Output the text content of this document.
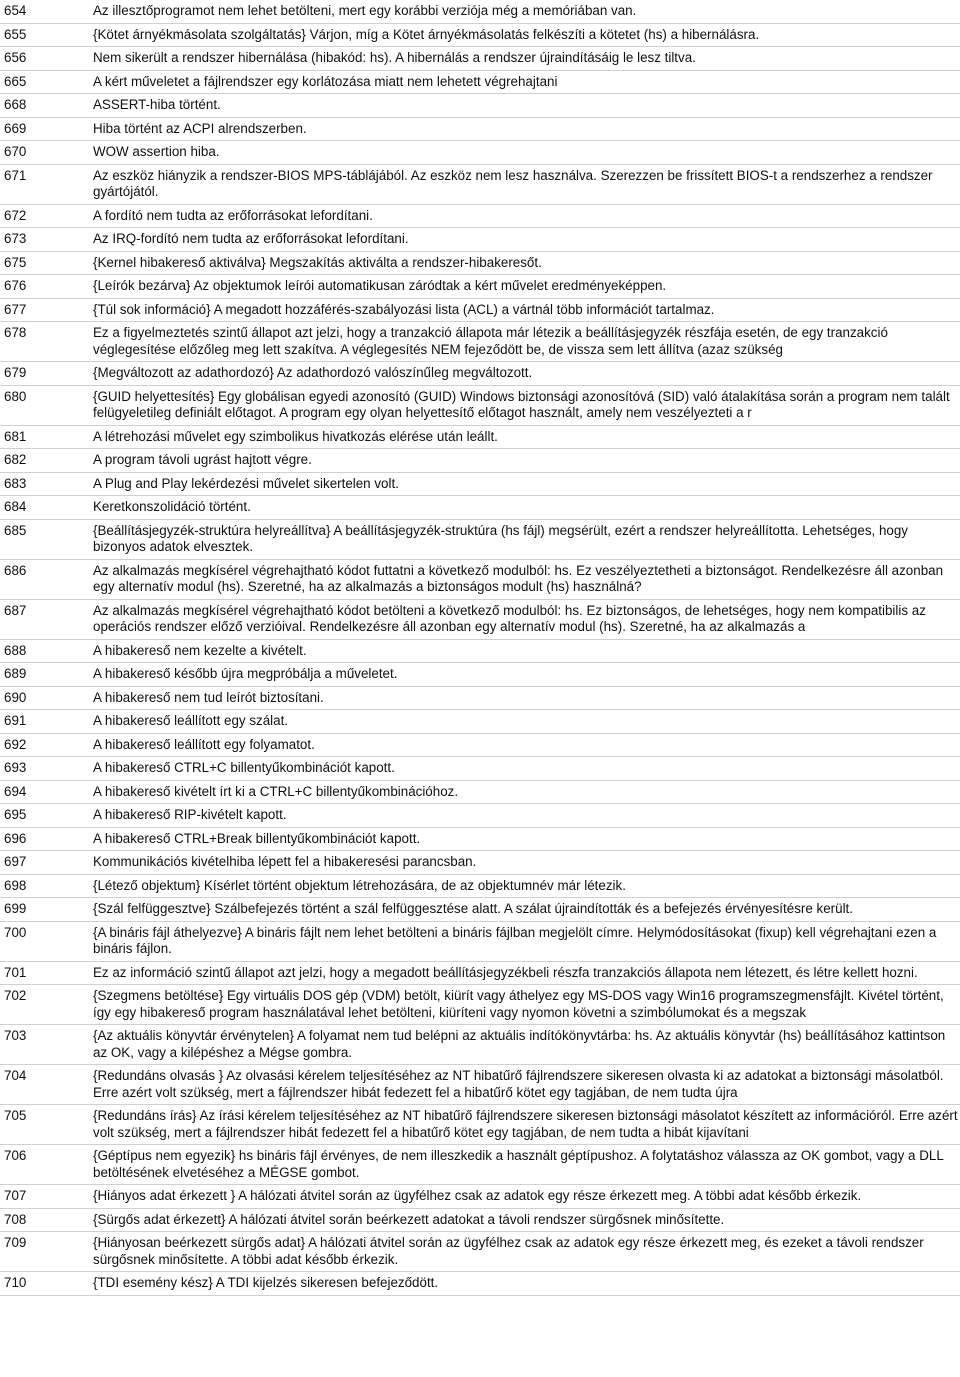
654	Az illesztőprogramot nem lehet betölteni, mert egy korábbi verziója még a memóriában van.
655	{Kötet árnyékmásolata szolgáltatás} Várjon, míg a Kötet árnyékmásolatás felkészíti a kötetet (hs) a hibernálásra.
656	Nem sikerült a rendszer hibernálása (hibakód: hs). A hibernálás a rendszer újraindításáig le lesz tiltva.
665	A kért műveletet a fájlrendszer egy korlátozása miatt nem lehetett végrehajtani
668	ASSERT-hiba történt.
669	Hiba történt az ACPI alrendszerben.
670	WOW assertion hiba.
671	Az eszköz hiányzik a rendszer-BIOS MPS-táblájából. Az eszköz nem lesz használva. Szerezzen be frissített BIOS-t a rendszerhez a rendszer gyártójától.
672	A fordító nem tudta az erőforrásokat lefordítani.
673	Az IRQ-fordító nem tudta az erőforrásokat lefordítani.
675	{Kernel hibakereső aktiválva} Megszakítás aktiválta a rendszer-hibakeresőt.
676	{Leírók bezárva} Az objektumok leírói automatikusan záródtak a kért művelet eredményeképpen.
677	{Túl sok információ} A megadott hozzáférés-szabályozási lista (ACL) a vártnál több információt tartalmaz.
678	Ez a figyelmeztetés szintű állapot azt jelzi, hogy a tranzakció állapota már létezik a beállításjegyzék részfája esetén, de egy tranzakció véglegesítése előzőleg meg lett szakítva. A véglegesítés NEM fejeződött be, de vissza sem lett állítva (azaz szükség
679	{Megváltozott az adathordozó} Az adathordozó valószínűleg megváltozott.
680	{GUID helyettesítés} Egy globálisan egyedi azonosító (GUID) Windows biztonsági azonosítóvá (SID) való átalakítása során a program nem talált felügyeletileg definiált előtagot. A program egy olyan helyettesítő előtagot használt, amely nem veszélyezteti a r
681	A létrehozási művelet egy szimbolikus hivatkozás elérése után leállt.
682	A program távoli ugrást hajtott végre.
683	A Plug and Play lekérdezési művelet sikertelen volt.
684	Keretkonszolidáció történt.
685	{Beállításjegyzék-struktúra helyreállítva} A beállításjegyzék-struktúra (hs fájl) megsérült, ezért a rendszer helyreállította. Lehetséges, hogy bizonyos adatok elvesztek.
686	Az alkalmazás megkísérel végrehajtható kódot futtatni a következő modulból: hs. Ez veszélyeztetheti a biztonságot. Rendelkezésre áll azonban egy alternatív modul (hs). Szeretné, ha az alkalmazás a biztonságos modult (hs) használná?
687	Az alkalmazás megkísérel végrehajtható kódot betölteni a következő modulból: hs. Ez biztonságos, de lehetséges, hogy nem kompatibilis az operációs rendszer előző verzióival. Rendelkezésre áll azonban egy alternatív modul (hs). Szeretné, ha az alkalmazás a
688	A hibakereső nem kezelte a kivételt.
689	A hibakereső később újra megpróbálja a műveletet.
690	A hibakereső nem tud leírót biztosítani.
691	A hibakereső leállított egy szálat.
692	A hibakereső leállított egy folyamatot.
693	A hibakereső CTRL+C billentyűkombinációt kapott.
694	A hibakereső kivételt írt ki a CTRL+C billentyűkombinációhoz.
695	A hibakereső RIP-kivételt kapott.
696	A hibakereső CTRL+Break billentyűkombinációt kapott.
697	Kommunikációs kivételhiba lépett fel a hibakeresési parancsban.
698	{Létező objektum} Kísérlet történt objektum létrehozására, de az objektumnév már létezik.
699	{Szál felfüggesztve} Szálbefejezés történt a szál felfüggesztése alatt. A szálat újraindították és a befejezés érvényesítésre került.
700	{A bináris fájl áthelyezve} A bináris fájlt nem lehet betölteni a bináris fájlban megjelölt címre. Helymódosításokat (fixup) kell végrehajtani ezen a bináris fájlon.
701	Ez az információ szintű állapot azt jelzi, hogy a megadott beállításjegyzékbeli részfa tranzakciós állapota nem létezett, és létre kellett hozni.
702	{Szegmens betöltése} Egy virtuális DOS gép (VDM) betölt, kiürít vagy áthelyez egy MS-DOS vagy Win16 programszegmensfájlt. Kivétel történt, így egy hibakereső program használatával lehet betölteni, kiüríteni vagy nyomon követni a szimbólumokat és a megszak
703	{Az aktuális könyvtár érvénytelen} A folyamat nem tud belépni az aktuális indítókönyvtárba: hs. Az aktuális könyvtár (hs) beállításához kattintson az OK, vagy a kilépéshez a Mégse gombra.
704	{Redundáns olvasás } Az olvasási kérelem teljesítéséhez az NT hibatűrő fájlrendszere sikeresen olvasta ki az adatokat a biztonsági másolatból. Erre azért volt szükség, mert a fájlrendszer hibát fedezett fel a hibatűrő kötet egy tagjában, de nem tudta újra
705	{Redundáns írás} Az írási kérelem teljesítéséhez az NT hibatűrő fájlrendszere sikeresen biztonsági másolatot készített az információról. Erre azért volt szükség, mert a fájlrendszer hibát fedezett fel a hibatűrő kötet egy tagjában, de nem tudta a hibát kijavítani
706	{Géptípus nem egyezik} hs bináris fájl érvényes, de nem illeszkedik a használt géptípushoz. A folytatáshoz válassza az OK gombot, vagy a DLL betöltésének elvetéséhez a MÉGSE gombot.
707	{Hiányos adat érkezett } A hálózati átvitel során az ügyfélhez csak az adatok egy része érkezett meg. A többi adat később érkezik.
708	{Sürgős adat érkezett} A hálózati átvitel során beérkezett adatokat a távoli rendszer sürgősnek minősítette.
709	{Hiányosan beérkezett sürgős adat} A hálózati átvitel során az ügyfélhez csak az adatok egy része érkezett meg, és ezeket a távoli rendszer sürgősnek minősítette. A többi adat később érkezik.
710	{TDI esemény kész} A TDI kijelzés sikeresen befejeződött.
